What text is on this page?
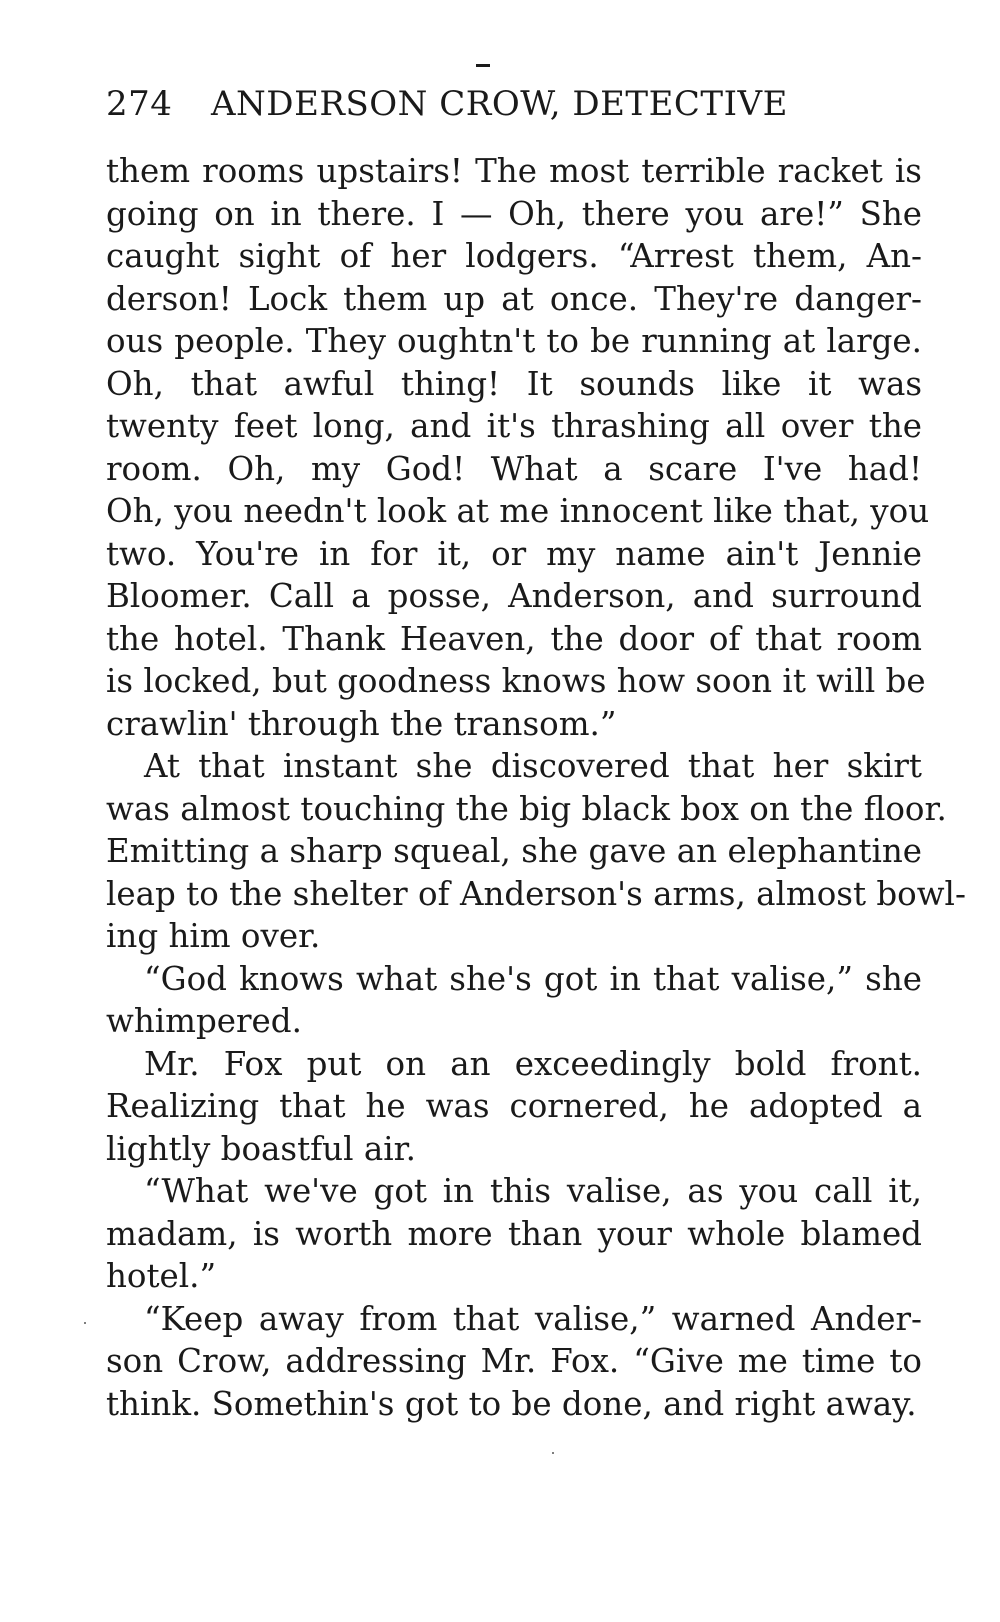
274 ANDERSON CROW, DETECTIVE
them rooms upstairs! The most terrible racket is
going on in there. I — Oh, there you are!” She
caught sight of her lodgers. “Arrest them, An-
derson! Lock them up at once. They're danger-
ous people. They oughtn't to be running at large.
Oh, that awful thing! It sounds like it was
twenty feet long, and it's thrashing all over the
room. Oh, my God! What a scare I've had!
Oh, you needn't look at me innocent like that, you
two. You're in for it, or my name ain't Jennie
Bloomer. Call a posse, Anderson, and surround
the hotel. Thank Heaven, the door of that room
is locked, but goodness knows how soon it will be
crawlin' through the transom.”
At that instant she discovered that her skirt
was almost touching the big black box on the floor.
Emitting a sharp squeal, she gave an elephantine
leap to the shelter of Anderson's arms, almost bowl-
ing him over.
“God knows what she's got in that valise,” she
whimpered.
Mr. Fox put on an exceedingly bold front.
Realizing that he was cornered, he adopted a
lightly boastful air.
“What we've got in this valise, as you call it,
madam, is worth more than your whole blamed
hotel.”
“Keep away from that valise,” warned Ander-
son Crow, addressing Mr. Fox. “Give me time to
think. Somethin's got to be done, and right away.
